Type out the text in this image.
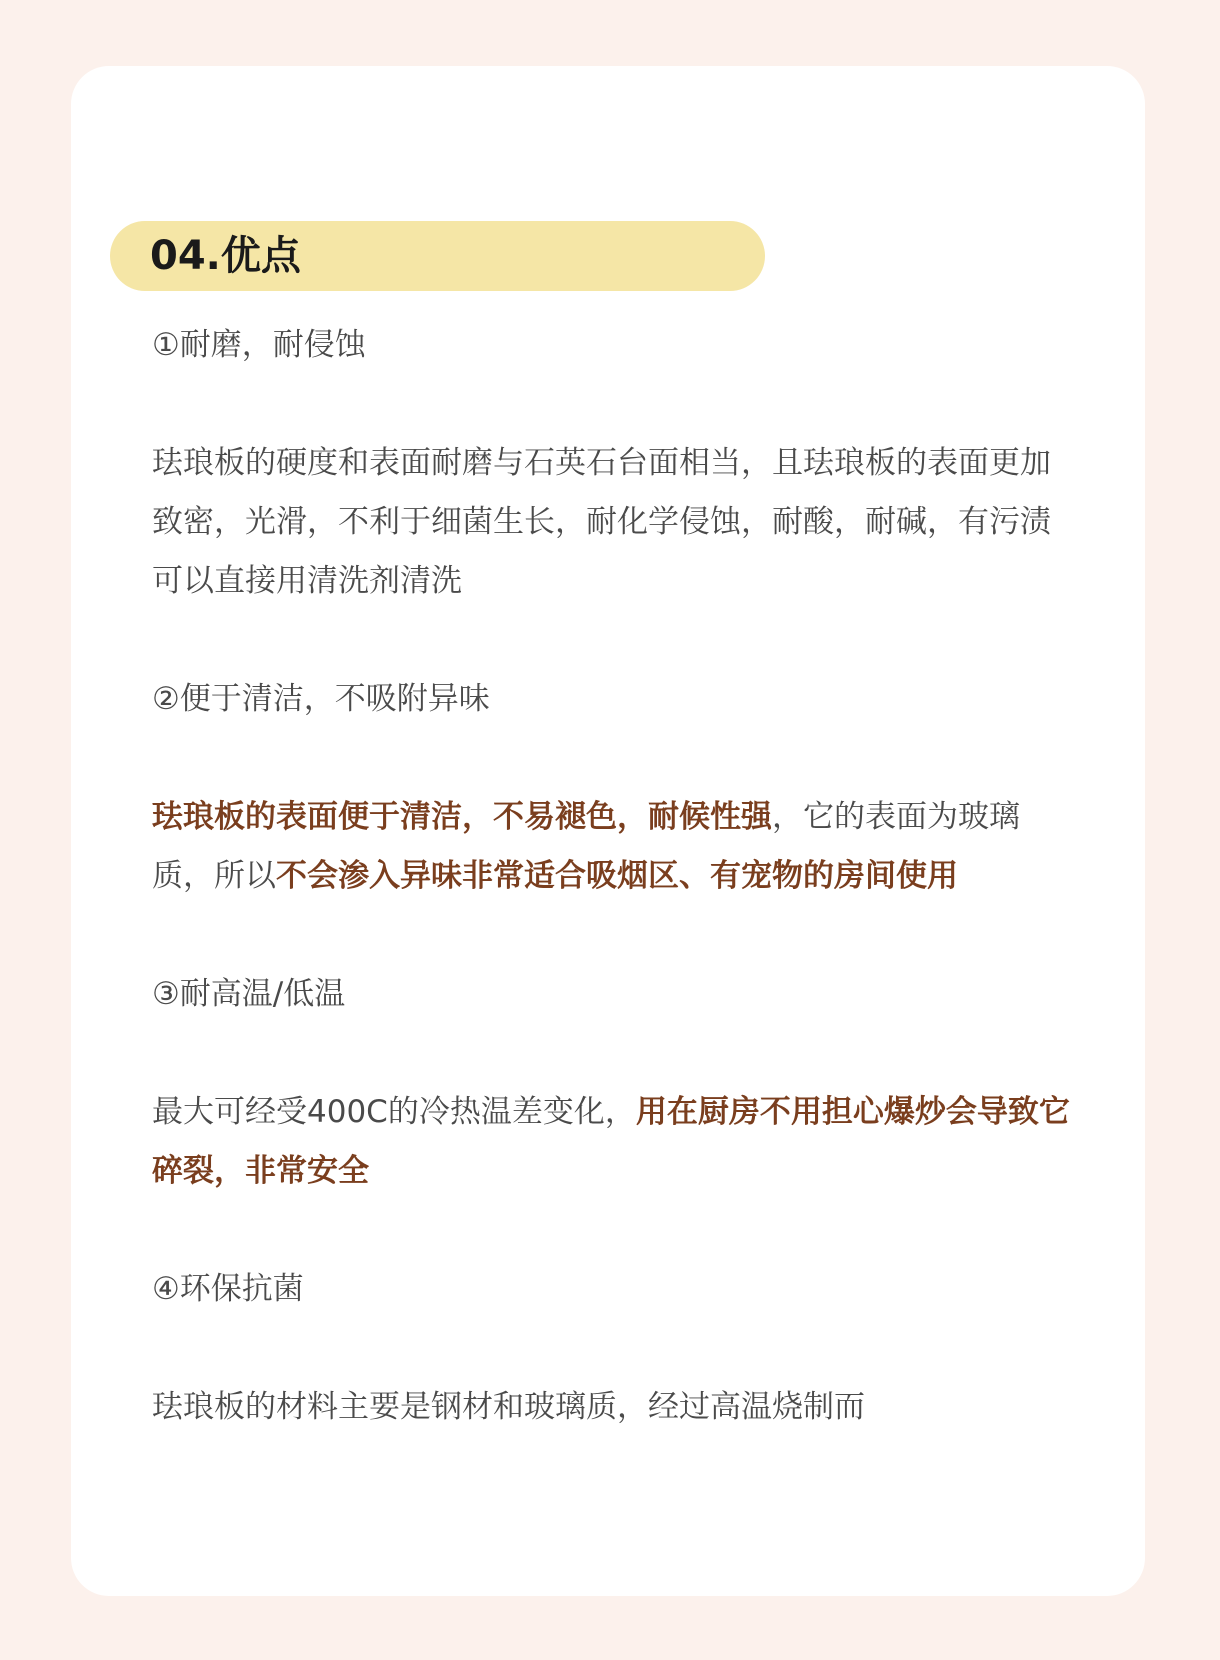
04.优点

①耐磨，耐侵蚀

珐琅板的硬度和表面耐磨与石英石台面相当，且珐琅板的表面更加致密，光滑，不利于细菌生长，耐化学侵蚀，耐酸，耐碱，有污渍可以直接用清洗剂清洗

②便于清洁，不吸附异味

珐琅板的表面便于清洁，不易褪色，耐候性强，它的表面为玻璃质，所以不会渗入异味非常适合吸烟区、有宠物的房间使用

③耐高温/低温

最大可经受400C的冷热温差变化，用在厨房不用担心爆炒会导致它碎裂，非常安全

④环保抗菌

珐琅板的材料主要是钢材和玻璃质，经过高温烧制而
